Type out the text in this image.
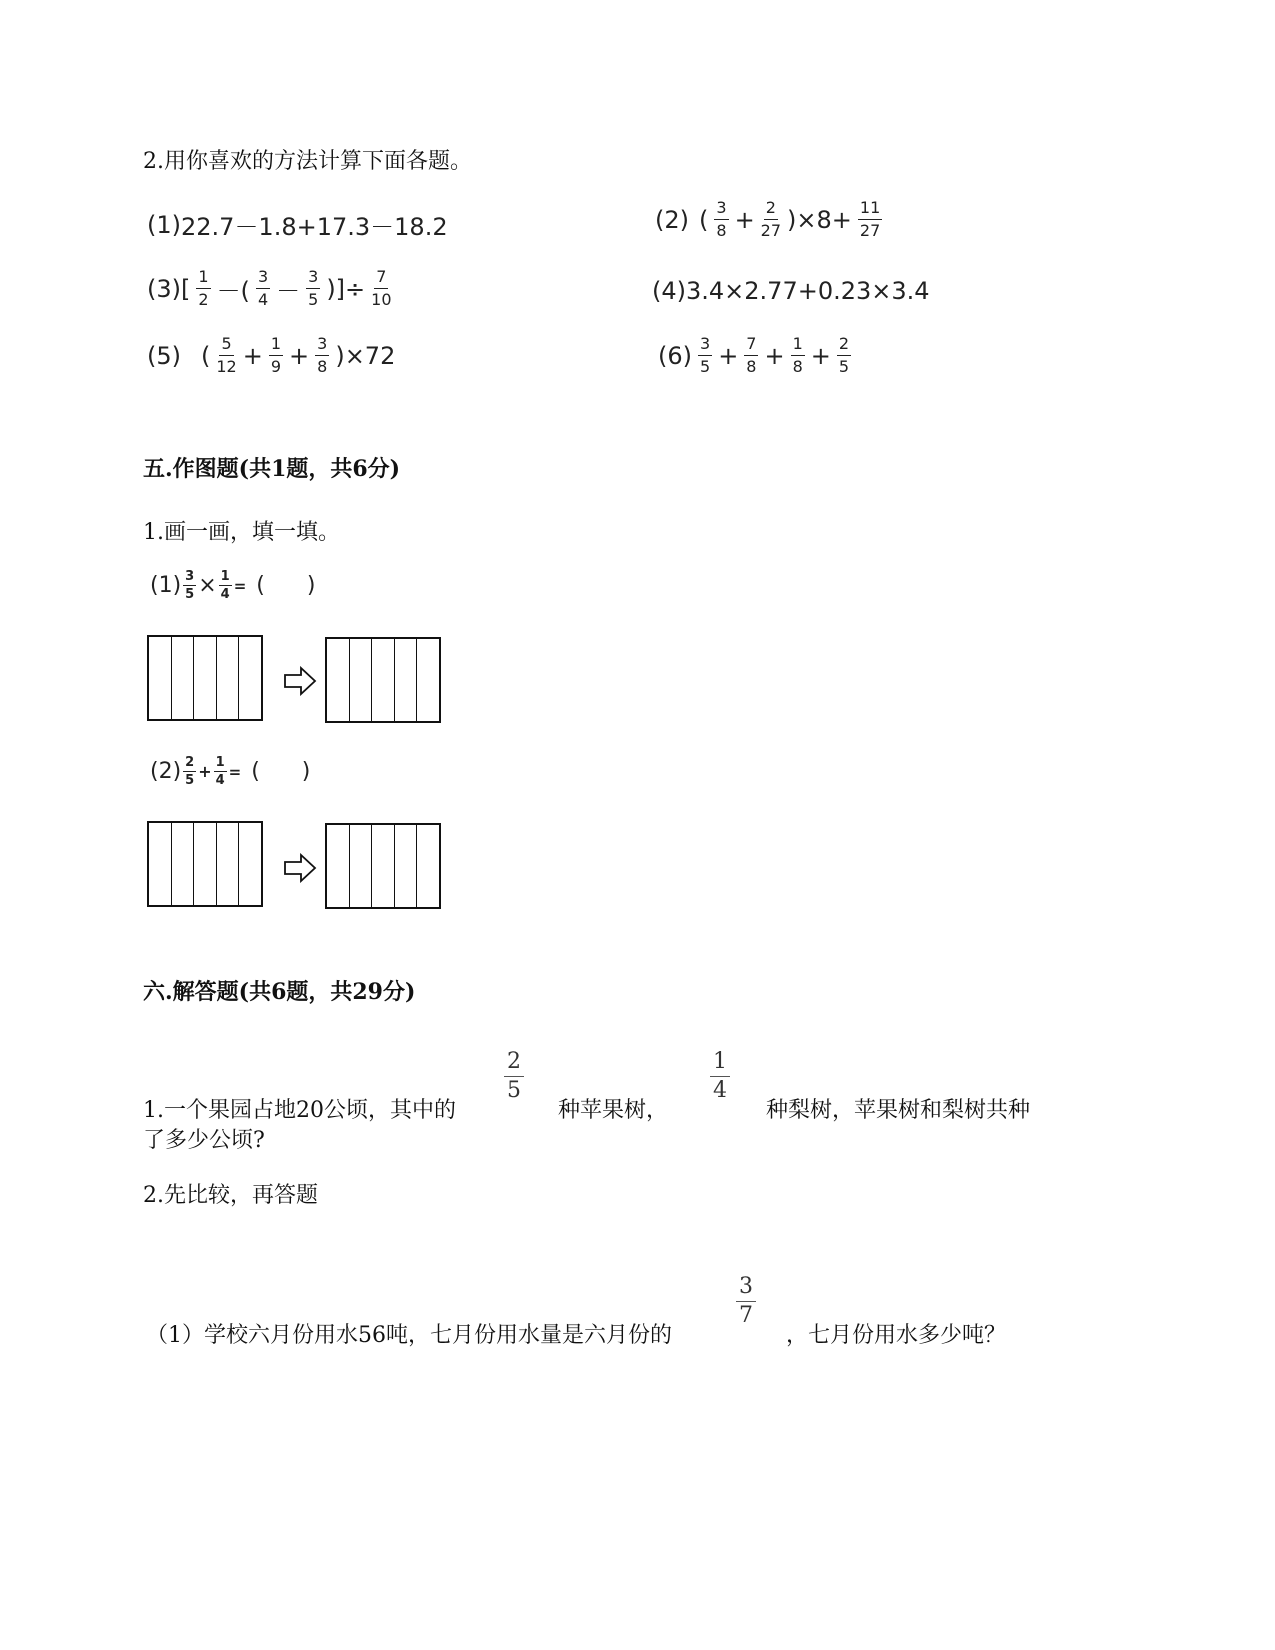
2.用你喜欢的方法计算下面各题。
(1) 22.7－1.8+17.3－18.2	(2) ( $\frac{3}{8} + \frac{2}{27} )\times 8+ \frac{11}{27}$
(3) [ $\frac{1}{2}$ －( $\frac{3}{4} - \frac{3}{5}$ )]÷ $\frac{7}{10}$	(4) 3.4×2.77+0.23×3.4
(5) ( $\frac{5}{12} + \frac{1}{9} + \frac{3}{8} )\times 72$	$(6) \frac{3}{5} + \frac{7}{8} + \frac{1}{8} + \frac{2}{5}$
五.作图题(共1题，共6分)
1.画一画，填一填。
$(1) \frac{3}{5} \times \frac{1}{4}$ = (      )
$(2) \frac{2}{5} + \frac{1}{4}$ = (      )
六.解答题(共6题，共29分)
$\frac{2}{5}$	$\frac{1}{4}$
1.一个果园占地20公顷，其中的	种苹果树，	种梨树，苹果树和梨树共种
了多少公顷?
2.先比较，再答题
$\frac{3}{7}$
（1）学校六月份用水56吨，七月份用水量是六月份的	，七月份用水多少吨？
